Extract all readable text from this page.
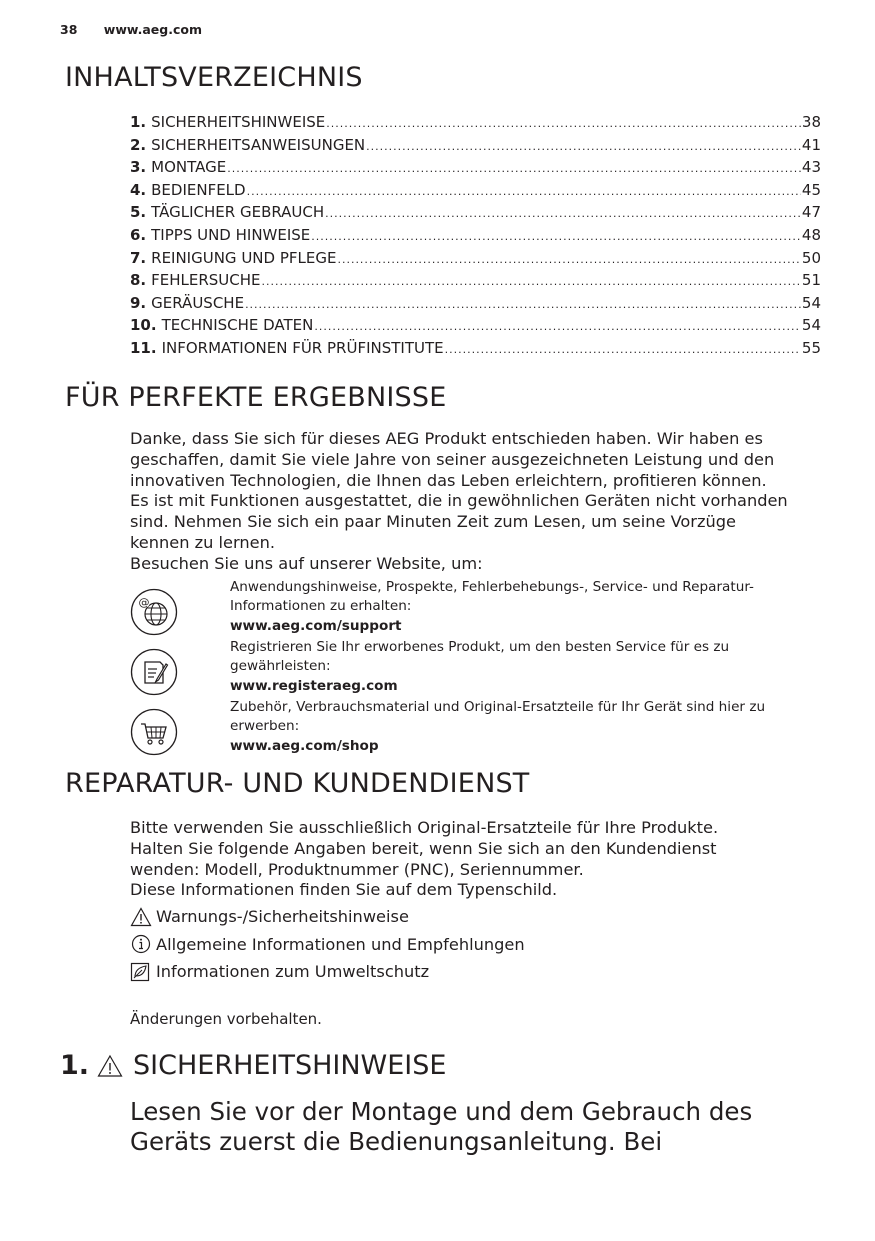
38 www.aeg.com
INHALTSVERZEICHNIS
1. SICHERHEITSHINWEISE .....	38
2. SICHERHEITSANWEISUNGEN .....	41
3. MONTAGE .....	43
4. BEDIENFELD .....	45
5. TÄGLICHER GEBRAUCH .....	47
6. TIPPS UND HINWEISE .....	48
7. REINIGUNG UND PFLEGE .....	50
8. FEHLERSUCHE .....	51
9. GERÄUSCHE .....	54
10. TECHNISCHE DATEN .....	54
11. INFORMATIONEN FÜR PRÜFINSTITUTE .....	55
FÜR PERFEKTE ERGEBNISSE
Danke, dass Sie sich für dieses AEG Produkt entschieden haben. Wir haben es
geschaffen, damit Sie viele Jahre von seiner ausgezeichneten Leistung und den
innovativen Technologien, die Ihnen das Leben erleichtern, profitieren können.
Es ist mit Funktionen ausgestattet, die in gewöhnlichen Geräten nicht vorhanden
sind. Nehmen Sie sich ein paar Minuten Zeit zum Lesen, um seine Vorzüge
kennen zu lernen.
Besuchen Sie uns auf unserer Website, um:
@
Anwendungshinweise, Prospekte, Fehlerbehebungs-, Service- und Reparatur-
Informationen zu erhalten:
www.aeg.com/support
Registrieren Sie Ihr erworbenes Produkt, um den besten Service für es zu
gewährleisten:
www.registeraeg.com
Zubehör, Verbrauchsmaterial und Original-Ersatzteile für Ihr Gerät sind hier zu
erwerben:
www.aeg.com/shop
REPARATUR- UND KUNDENDIENST
Bitte verwenden Sie ausschließlich Original-Ersatzteile für Ihre Produkte.
Halten Sie folgende Angaben bereit, wenn Sie sich an den Kundendienst
wenden: Modell, Produktnummer (PNC), Seriennummer.
Diese Informationen finden Sie auf dem Typenschild.
Warnungs-/Sicherheitshinweise
Allgemeine Informationen und Empfehlungen
Informationen zum Umweltschutz
Änderungen vorbehalten.
1. SICHERHEITSHINWEISE
Lesen Sie vor der Montage und dem Gebrauch des
Geräts zuerst die Bedienungsanleitung. Bei
